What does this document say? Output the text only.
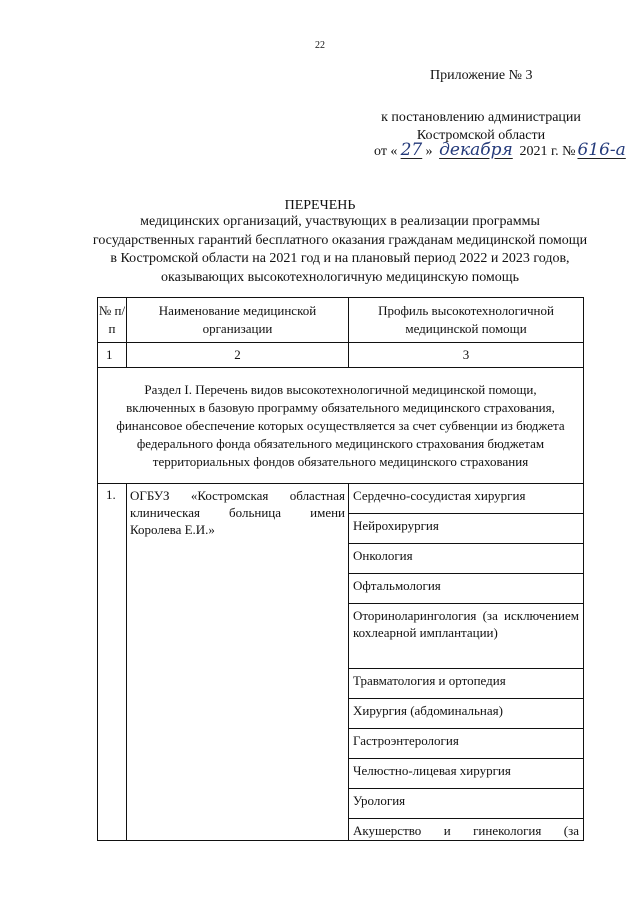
22
Приложение № 3
к постановлению администрации
Костромской области
от « 27 » декабря 2021 г. № 616-а
ПЕРЕЧЕНЬ
медицинских организаций, участвующих в реализации программы государственных гарантий бесплатного оказания гражданам медицинской помощи в Костромской области на 2021 год и на плановый период 2022 и 2023 годов, оказывающих высокотехнологичную медицинскую помощь
№ п/п	Наименование медицинской организации	Профиль высокотехнологичной медицинской помощи
1	2	3
Раздел I. Перечень видов высокотехнологичной медицинской помощи, включенных в базовую программу обязательного медицинского страхования, финансовое обеспечение которых осуществляется за счет субвенции из бюджета федерального фонда обязательного медицинского страхования бюджетам территориальных фондов обязательного медицинского страхования		
1.	ОГБУЗ «Костромская областная клиническая больница имени Королева Е.И.»	Сердечно-сосудистая хирургия
		Нейрохирургия
		Онкология
		Офтальмология
		Оториноларингология (за исключением кохлеарной имплантации)
		Травматология и ортопедия
		Хирургия (абдоминальная)
		Гастроэнтерология
		Челюстно-лицевая хирургия
		Урология
		Акушерство и гинекология (за
